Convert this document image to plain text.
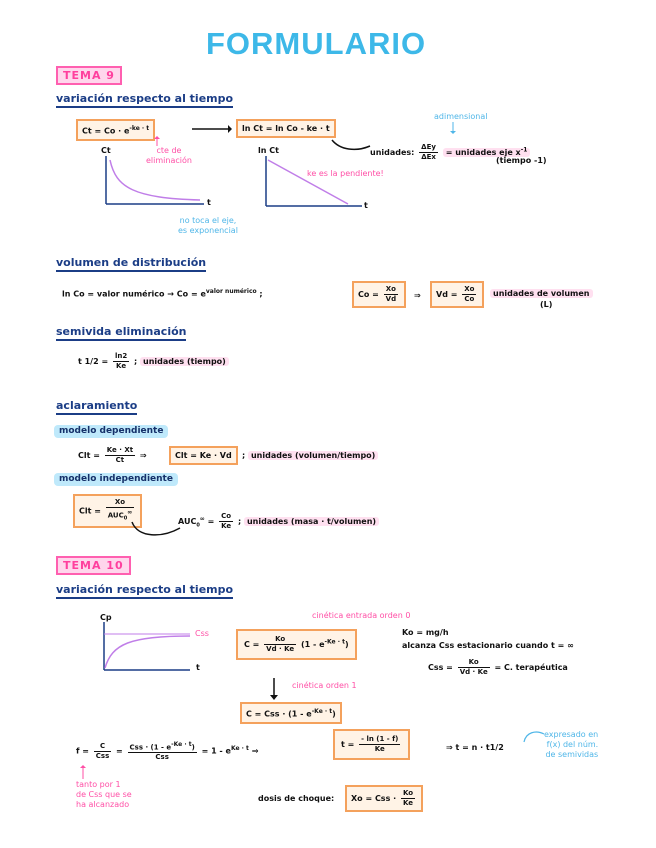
FORMULARIO
TEMA 9
variación respecto al tiempo
$Ct = Co \cdot e^{-ke \cdot t}$	ln Ct = ln Co - ke · t
cte de
eliminación
Ct
t
no toca el eje,
es exponencial
ln Ct
t
ke es la pendiente!
adimensional
unidades: $\frac{\text{ΔEy}}{\text{ΔEx}}$ = unidades eje $x^{-1}$
(tiempo -1)
volumen de distribución
ln Co = valor numérico → $Co = e^{valor numérico}$ ;	$Co = \frac{Xo}{Vd}$ ⇒	$Vd = \frac{Xo}{Co}$	unidades de volumen
(L)
semivida eliminación
t $1/2 = \frac{\ln 2}{Ke}$ ; unidades (tiempo)
aclaramiento
modelo dependiente
Clt = $\frac{Ke \cdot Xt}{Ct}$ ⇒	Clt = Ke · Vd	; unidades (volumen/tiempo)
modelo independiente
Clt = $\frac{Xo}{AUC_0^\infty}$	$AUC_0^\infty = \frac{Co}{Ke}$ ; unidades (masa · t/volumen)
TEMA 10
variación respecto al tiempo
Cp
t
Css
cinética entrada orden 0
$C = \frac{Ko}{Vd \cdot Ke} (1 - e^{-Ke \cdot t})$
cinética orden 1
C = Css · $(1 - e^{-Ke \cdot t})$
Ko = mg/h
alcanza Css estacionario cuando t = ∞
Css = $\frac{Ko}{Vd \cdot Ke} = C$. terapéutica
$f = \frac{C}{\text{Css}} = \frac{Css \cdot (1 - e^{-Ke \cdot t})}{\text{Css}} = 1 - e^{Ke \cdot t}$ ⇒
$t = \frac{- \ln (1 - f)}{Ke}$	⇒ t = n · t1/2
expresado en
f(x) del núm.
de semividas
tanto por 1
de Css que se
ha alcanzado
dosis de choque:	Xo = Css · $\frac{Ko}{Ke}$
